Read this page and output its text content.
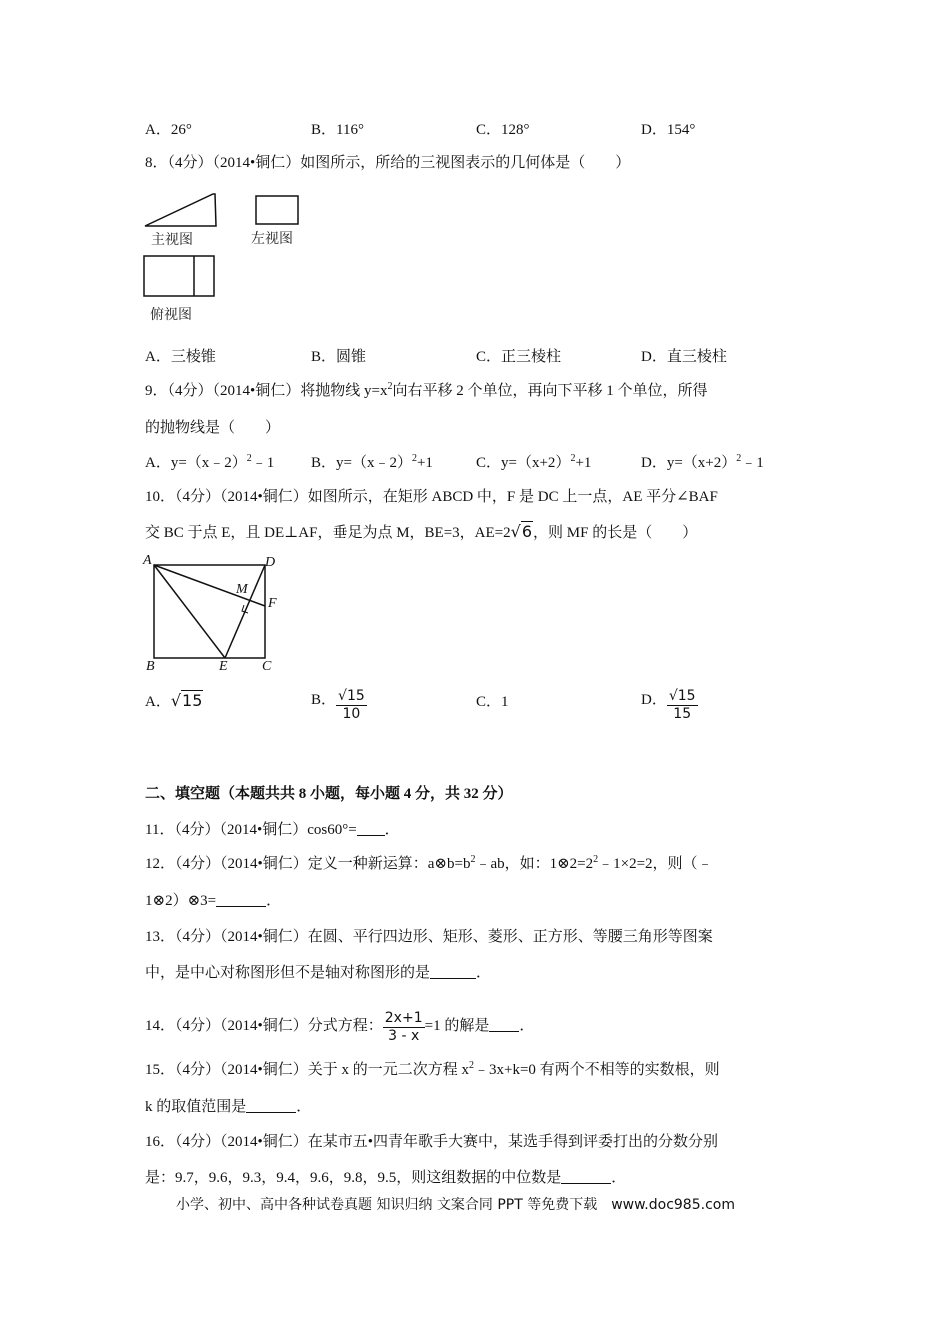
A．26°	B．116°	C．128°	D．154°
8．（4分）（2014•铜仁）如图所示，所给的三视图表示的几何体是（　　）
主视图	左视图
俯视图
A．三棱锥	B．圆锥	C．正三棱柱	D．直三棱柱
9．（4分）（2014•铜仁）将抛物线 $y=x^2$向右平移 2 个单位，再向下平移 1 个单位，所得
的抛物线是（　　）
A．y=（x﹣2）$^2$﹣1 B．y=（x﹣2）$^2$+1	C．$y=(x+2)^2+1$	D．$y=(x+2)^2﹣1$
10．（4分）（2014•铜仁）如图所示，在矩形 ABCD 中，F 是 DC 上一点，AE 平分∠BAF
交 BC 于点 E，且 DE⊥AF，垂足为点 M，BE=3，AE=2√6，则 MF 的长是（　　）
A	D
M
F
B	E C
A．√15	B． $\frac{√15}{10}$	C．1	D． $\frac{√15}{15}$
二、填空题（本题共共 8 小题，每小题 4 分，共 32 分）
11．（4分）（2014•铜仁）cos60°= ．
12．（4分）（2014•铜仁）定义一种新运算：$a\otimes b=b^2﹣ab$，如：$1\otimes 2=2^2﹣1\times 2=2$，则（﹣
1⊗2）⊗3=	．
13．（4分）（2014•铜仁）在圆、平行四边形、矩形、菱形、正方形、等腰三角形等图案
中，是中心对称图形但不是轴对称图形的是	．
14．（4分）（2014•铜仁）分式方程： $\frac{2x+1}{3 - x} =1$ 的解是 ．
15．（4分）（2014•铜仁）关于 x 的一元二次方程 $x^2﹣3x+k=0$ 有两个不相等的实数根，则
k 的取值范围是	．
16．（4分）（2014•铜仁）在某市五•四青年歌手大赛中，某选手得到评委打出的分数分别
是：9.7，9.6，9.3，9.4，9.6，9.8，9.5，则这组数据的中位数是	．
小学、初中、高中各种试卷真题 知识归纳 文案合同 PPT 等免费下载　www.doc985.com
